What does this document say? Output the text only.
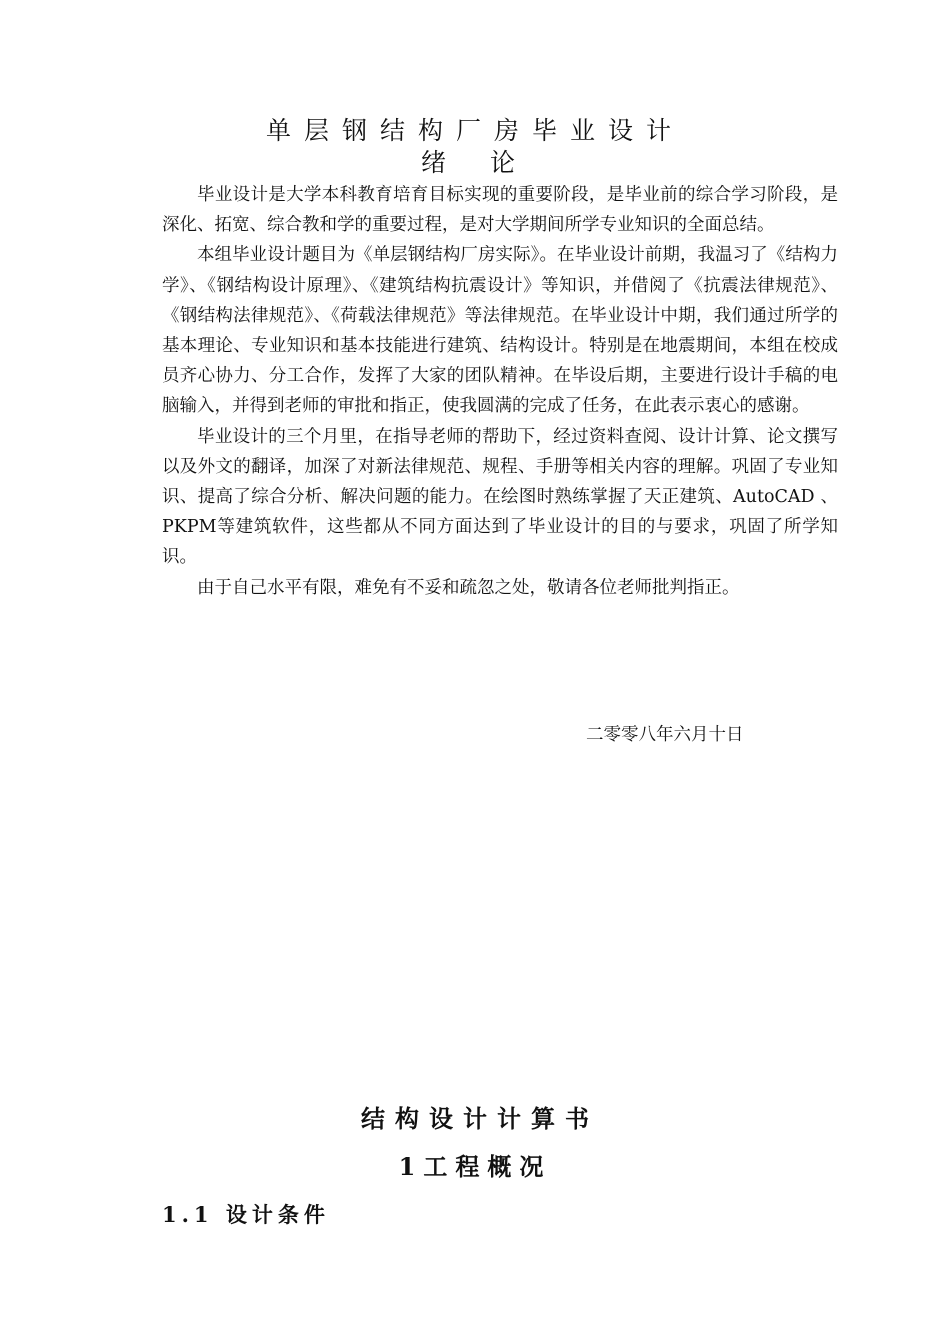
单层钢结构厂房毕业设计
绪论

毕业设计是大学本科教育培育目标实现的重要阶段，是毕业前的综合学习阶段，是深化、拓宽、综合教和学的重要过程，是对大学期间所学专业知识的全面总结。

本组毕业设计题目为《单层钢结构厂房实际》。在毕业设计前期，我温习了《结构力学》、《钢结构设计原理》、《建筑结构抗震设计》等知识，并借阅了《抗震法律规范》、《钢结构法律规范》、《荷载法律规范》等法律规范。在毕业设计中期，我们通过所学的基本理论、专业知识和基本技能进行建筑、结构设计。特别是在地震期间，本组在校成员齐心协力、分工合作，发挥了大家的团队精神。在毕设后期，主要进行设计手稿的电脑输入，并得到老师的审批和指正，使我圆满的完成了任务，在此表示衷心的感谢。

毕业设计的三个月里，在指导老师的帮助下，经过资料查阅、设计计算、论文撰写以及外文的翻译，加深了对新法律规范、规程、手册等相关内容的理解。巩固了专业知识、提高了综合分析、解决问题的能力。在绘图时熟练掌握了天正建筑、AutoCAD 、PKPM等建筑软件，这些都从不同方面达到了毕业设计的目的与要求，巩固了所学知识。

由于自己水平有限，难免有不妥和疏忽之处，敬请各位老师批判指正。

二零零八年六月十日
结构设计计算书
1工程概况
1.1 设计条件
